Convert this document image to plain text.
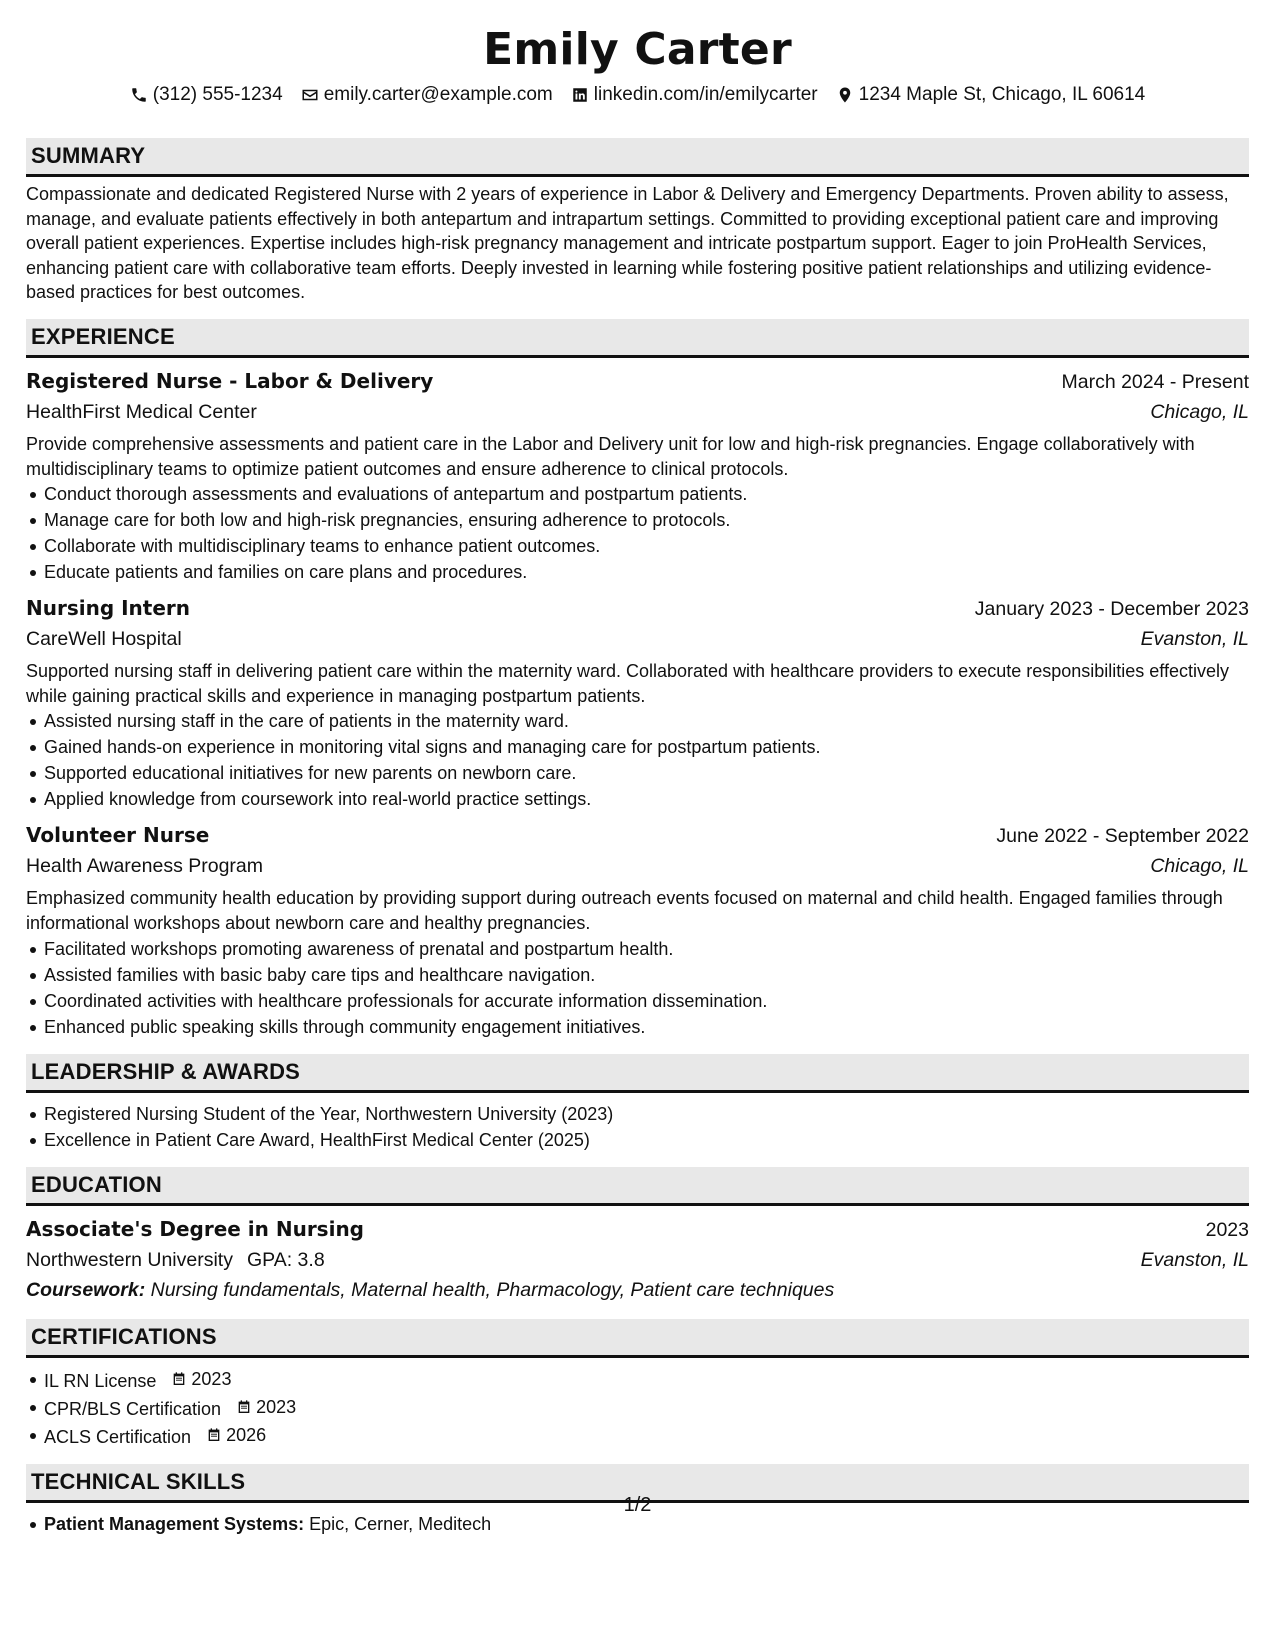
Emily Carter
(312) 555-1234 emily.carter@example.com linkedin.com/in/emilycarter 1234 Maple St, Chicago, IL 60614
SUMMARY

Compassionate and dedicated Registered Nurse with 2 years of experience in Labor & Delivery and Emergency Departments. Proven ability to assess, manage, and evaluate patients effectively in both antepartum and intrapartum settings. Committed to providing exceptional patient care and improving overall patient experiences. Expertise includes high-risk pregnancy management and intricate postpartum support. Eager to join ProHealth Services, enhancing patient care with collaborative team efforts. Deeply invested in learning while fostering positive patient relationships and utilizing evidence-based practices for best outcomes.

EXPERIENCE
Registered Nurse - Labor & Delivery	March 2024 - Present
HealthFirst Medical Center	Chicago, IL

Provide comprehensive assessments and patient care in the Labor and Delivery unit for low and high-risk pregnancies. Engage collaboratively with multidisciplinary teams to optimize patient outcomes and ensure adherence to clinical protocols.

Conduct thorough assessments and evaluations of antepartum and postpartum patients.
Manage care for both low and high-risk pregnancies, ensuring adherence to protocols.
Collaborate with multidisciplinary teams to enhance patient outcomes.
Educate patients and families on care plans and procedures.
Nursing Intern	January 2023 - December 2023
CareWell Hospital	Evanston, IL

Supported nursing staff in delivering patient care within the maternity ward. Collaborated with healthcare providers to execute responsibilities effectively while gaining practical skills and experience in managing postpartum patients.

Assisted nursing staff in the care of patients in the maternity ward.
Gained hands-on experience in monitoring vital signs and managing care for postpartum patients.
Supported educational initiatives for new parents on newborn care.
Applied knowledge from coursework into real-world practice settings.
Volunteer Nurse	June 2022 - September 2022
Health Awareness Program	Chicago, IL

Emphasized community health education by providing support during outreach events focused on maternal and child health. Engaged families through informational workshops about newborn care and healthy pregnancies.

Facilitated workshops promoting awareness of prenatal and postpartum health.
Assisted families with basic baby care tips and healthcare navigation.
Coordinated activities with healthcare professionals for accurate information dissemination.
Enhanced public speaking skills through community engagement initiatives.
LEADERSHIP & AWARDS
Registered Nursing Student of the Year, Northwestern University (2023)
Excellence in Patient Care Award, HealthFirst Medical Center (2025)
EDUCATION
Associate's Degree in Nursing	2023
Northwestern University GPA: 3.8	Evanston, IL
Coursework: Nursing fundamentals, Maternal health, Pharmacology, Patient care techniques
CERTIFICATIONS
IL RN License 2023
CPR/BLS Certification 2023
ACLS Certification 2026
TECHNICAL SKILLS
Patient Management Systems: Epic, Cerner, Meditech
1/2
